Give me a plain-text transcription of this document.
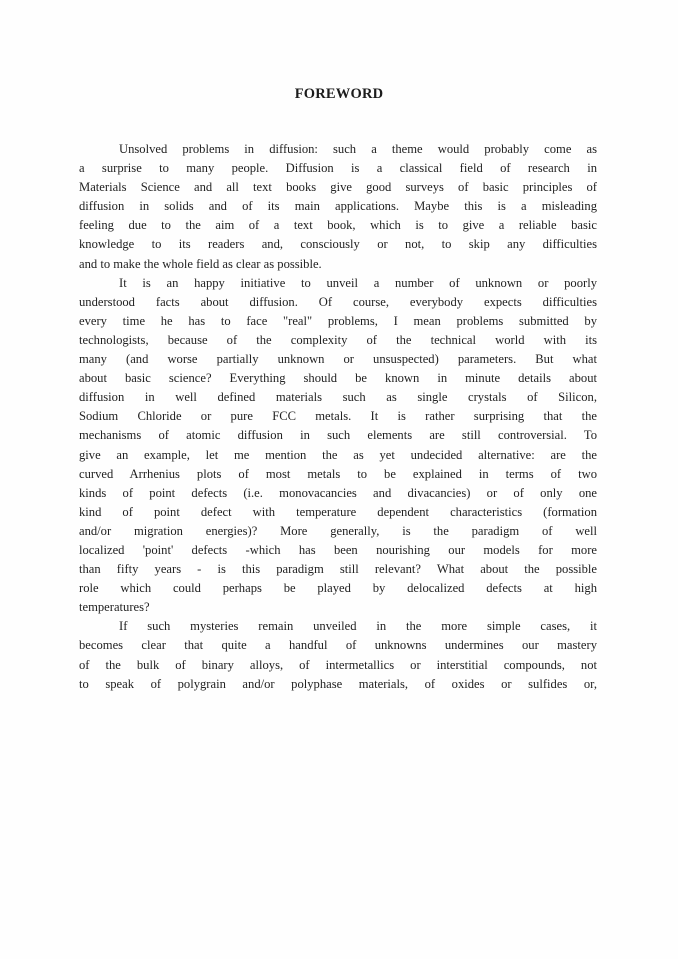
FOREWORD
Unsolved problems in diffusion: such a theme would probably come as
a surprise to many people. Diffusion is a classical field of research in
Materials Science and all text books give good surveys of basic principles of
diffusion in solids and of its main applications. Maybe this is a misleading
feeling due to the aim of a text book, which is to give a reliable basic
knowledge to its readers and, consciously or not, to skip any difficulties
and to make the whole field as clear as possible.
It is an happy initiative to unveil a number of unknown or poorly
understood facts about diffusion. Of course, everybody expects difficulties
every time he has to face "real" problems, I mean problems submitted by
technologists, because of the complexity of the technical world with its
many (and worse partially unknown or unsuspected) parameters. But what
about basic science? Everything should be known in minute details about
diffusion in well defined materials such as single crystals of Silicon,
Sodium Chloride or pure FCC metals. It is rather surprising that the
mechanisms of atomic diffusion in such elements are still controversial. To
give an example, let me mention the as yet undecided alternative: are the
curved Arrhenius plots of most metals to be explained in terms of two
kinds of point defects (i.e. monovacancies and divacancies) or of only one
kind of point defect with temperature dependent characteristics (formation
and/or migration energies)? More generally, is the paradigm of well
localized 'point' defects -which has been nourishing our models for more
than fifty years - is this paradigm still relevant? What about the possible
role which could perhaps be played by delocalized defects at high
temperatures?
If such mysteries remain unveiled in the more simple cases, it
becomes clear that quite a handful of unknowns undermines our mastery
of the bulk of binary alloys, of intermetallics or interstitial compounds, not
to speak of polygrain and/or polyphase materials, of oxides or sulfides or,
